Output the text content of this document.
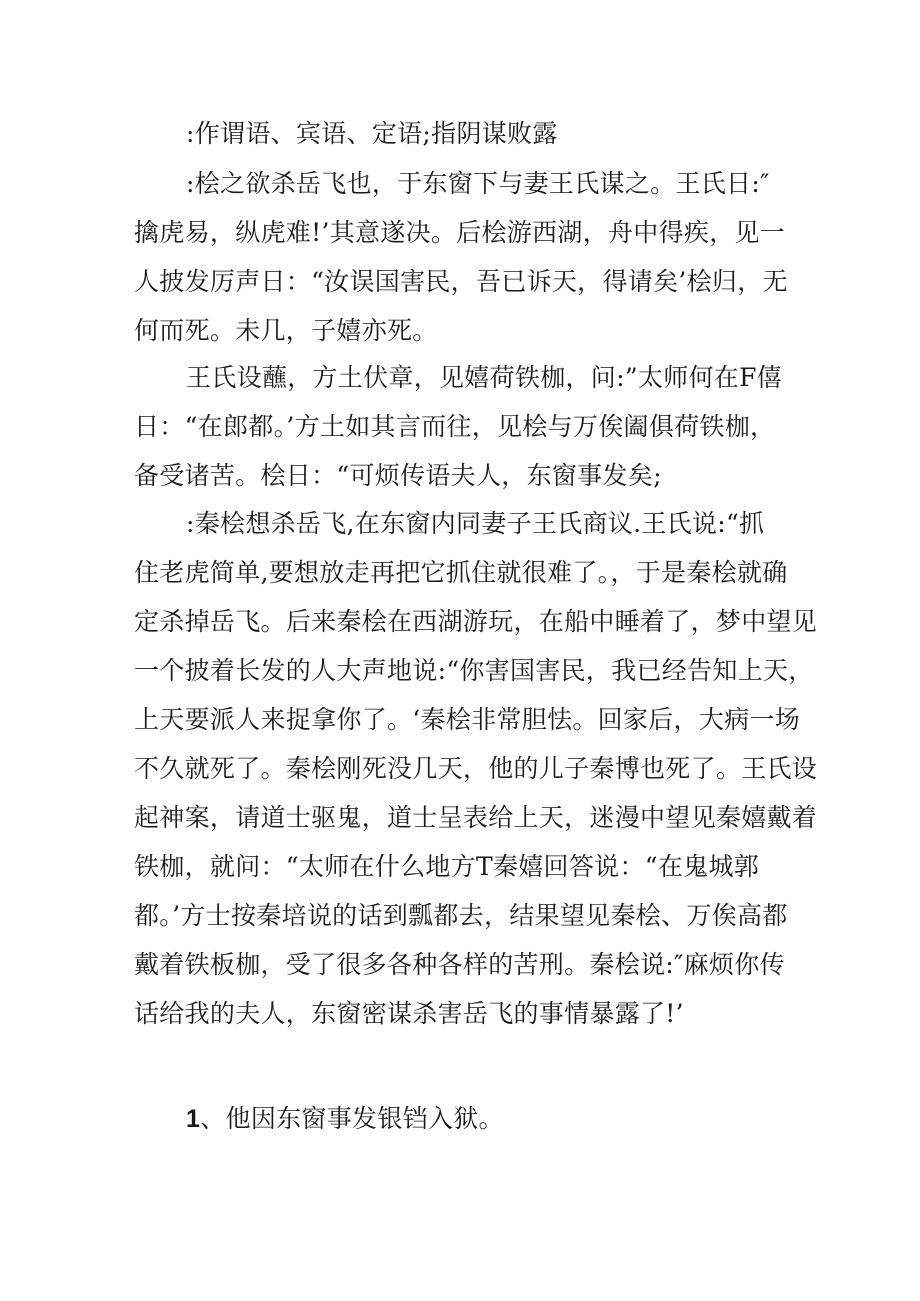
:作谓语、宾语、定语;指阴谋败露
:桧之欲杀岳飞也，于东窗下与妻王氏谋之。王氏日:″
擒虎易，纵虎难!’其意遂决。后桧游西湖，舟中得疾，见一
人披发厉声日：“汝误国害民，吾已诉天，得请矣’桧归，无
何而死。未几，子嬉亦死。
王氏设蘸，方土伏章，见嬉荷铁枷，问:”太师何在F僖
日：“在郎都。’方土如其言而往，见桧与万俟阖俱荷铁枷，
备受诸苦。桧日：“可烦传语夫人，东窗事发矣;
:秦桧想杀岳飞,在东窗内同妻子王氏商议.王氏说:“抓
住老虎简单,要想放走再把它抓住就很难了。，于是秦桧就确
定杀掉岳飞。后来秦桧在西湖游玩，在船中睡着了，梦中望见
一个披着长发的人大声地说:“你害国害民，我已经告知上天，
上天要派人来捉拿你了。‘秦桧非常胆怯。回家后，大病一场
不久就死了。秦桧刚死没几天，他的儿子秦博也死了。王氏设
起神案，请道士驱鬼，道士呈表给上天，迷漫中望见秦嬉戴着
铁枷，就问：“太师在什么地方T秦嬉回答说：“在鬼城郭
都。’方士按秦培说的话到瓢都去，结果望见秦桧、万俟高都
戴着铁板枷，受了很多各种各样的苦刑。秦桧说:″麻烦你传
话给我的夫人，东窗密谋杀害岳飞的事情暴露了!’
1、他因东窗事发银铛入狱。
